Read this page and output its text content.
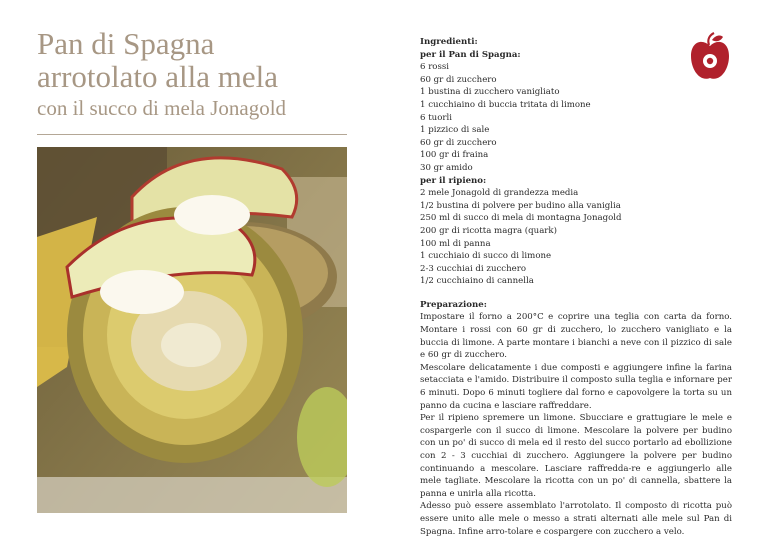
Pan di Spagna
arrotolato alla mela
con il succo di mela Jonagold
Ingredienti:
per il Pan di Spagna:
6 rossi
60 gr di zucchero
1 bustina di zucchero vanigliato
1 cucchiaino di buccia tritata di limone
6 tuorli
1 pizzico di sale
60 gr di zucchero
100 gr di fraina
30 gr amido
per il ripieno:
2 mele Jonagold di grandezza media
1/2 bustina di polvere per budino alla vaniglia
250 ml di succo di mela di montagna Jonagold
200 gr di ricotta magra (quark)
100 ml di panna
1 cucchiaio di succo di limone
2-3 cucchiai di zucchero
1/2 cucchiaino di cannella
Preparazione:

Impostare il forno a 200°C e coprire una teglia con carta da forno. Montare i rossi con 60 gr di zucchero, lo zucchero vanigliato e la buccia di limone. A parte montare i bianchi a neve con il pizzico di sale e 60 gr di zucchero.

Mescolare delicatamente i due composti e aggiungere infine la farina setacciata e l'amido. Distribuire il composto sulla teglia e infornare per 6 minuti. Dopo 6 minuti togliere dal forno e capovolgere la torta su un panno da cucina e lasciare raffreddare.

Per il ripieno spremere un limone. Sbucciare e grattugiare le mele e cospargerle con il succo di limone. Mescolare la polvere per budino con un po' di succo di mela ed il resto del succo portarlo ad ebollizione con 2 - 3 cucchiai di zucchero. Aggiungere la polvere per budino continuando a mescolare. Lasciare raffredda-re e aggiungerlo alle mele tagliate. Mescolare la ricotta con un po' di cannella, sbattere la panna e unirla alla ricotta.

Adesso può essere assemblato l'arrotolato. Il composto di ricotta può essere unito alle mele o messo a strati alternati alle mele sul Pan di Spagna. Infine arro-tolare e cospargere con zucchero a velo.
